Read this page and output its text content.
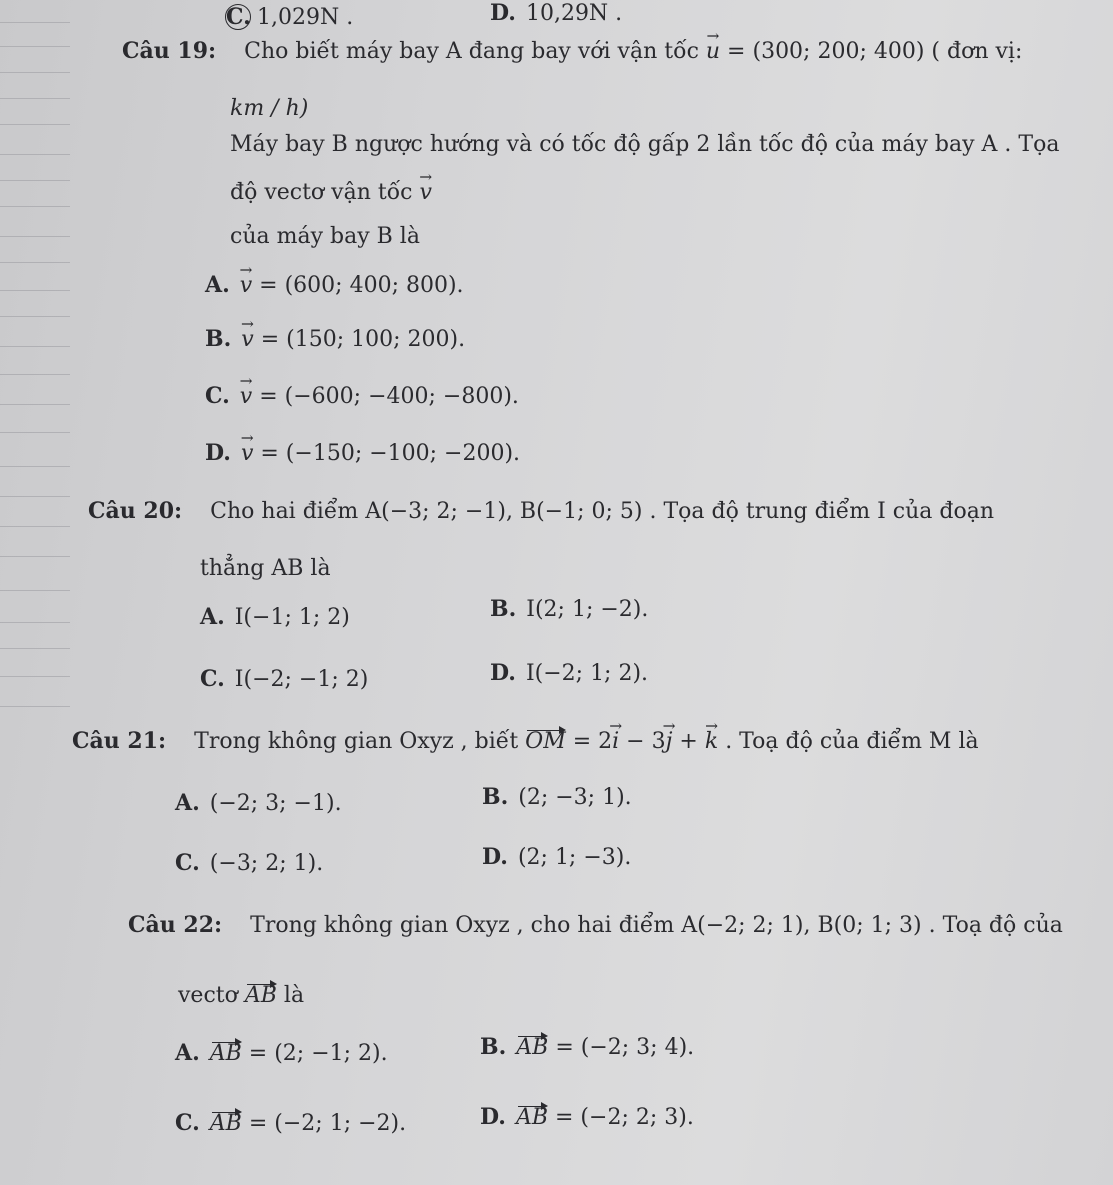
C. 1,029N .	D. 10,29N .
Câu 19: Cho biết máy bay A đang bay với vận tốc → u = (300; 200; 400) ( đơn vị:
km / h)
Máy bay B ngược hướng và có tốc độ gấp 2 lần tốc độ của máy bay A . Tọa
độ vectơ vận tốc → v
của máy bay B là
A. → v = (600; 400; 800).
B. → v = (150; 100; 200).
C. → v = (−600; −400; −800).
D. → v = (−150; −100; −200).
Câu 20: Cho hai điểm A(−3; 2; −1), B(−1; 0; 5) . Tọa độ trung điểm I của đoạn
thẳng AB là
A. I(−1; 1; 2)	B. I(2; 1; −2).
C. I(−2; −1; 2)	D. I(−2; 1; 2).
Câu 21: Trong không gian Oxyz , biết OM = 2→ i − 3→ j + → k . Toạ độ của điểm M là
A. (−2; 3; −1).	B. (2; −3; 1).
C. (−3; 2; 1).	D. (2; 1; −3).
Câu 22: Trong không gian Oxyz , cho hai điểm A(−2; 2; 1), B(0; 1; 3) . Toạ độ của
vectơ AB là
A. AB = (2; −1; 2).	B. AB = (−2; 3; 4).
C. AB = (−2; 1; −2).	D. AB = (−2; 2; 3).
